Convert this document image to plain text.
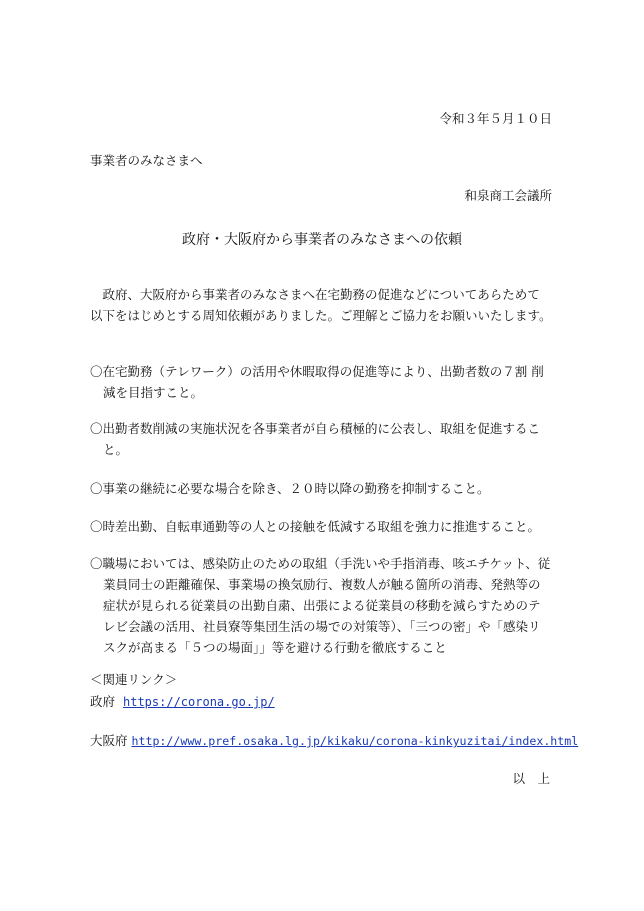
令和３年５月１０日

事業者のみなさまへ

和泉商工会議所

政府・大阪府から事業者のみなさまへの依頼

　政府、大阪府から事業者のみなさまへ在宅勤務の促進などについてあらためて以下をはじめとする周知依頼がありました。ご理解とご協力をお願いいたします。

〇在宅勤務（テレワーク）の活用や休暇取得の促進等により、出勤者数の７割 削減を目指すこと。

〇出勤者数削減の実施状況を各事業者が自ら積極的に公表し、取組を促進すること。

〇事業の継続に必要な場合を除き、２０時以降の勤務を抑制すること。

〇時差出勤、自転車通勤等の人との接触を低減する取組を強力に推進すること。

〇職場においては、感染防止のための取組（手洗いや手指消毒、咳エチケット、従業員同士の距離確保、事業場の換気励行、複数人が触る箇所の消毒、発熱等の症状が見られる従業員の出勤自粛、出張による従業員の移動を減らすためのテレビ会議の活用、社員寮等集団生活の場での対策等）、「三つの密」や「感染リスクが高まる「５つの場面」」等を避ける行動を徹底すること

＜関連リンク＞

政府 https://corona.go.jp/

大阪府 http://www.pref.osaka.lg.jp/kikaku/corona-kinkyuzitai/index.html

以　上
